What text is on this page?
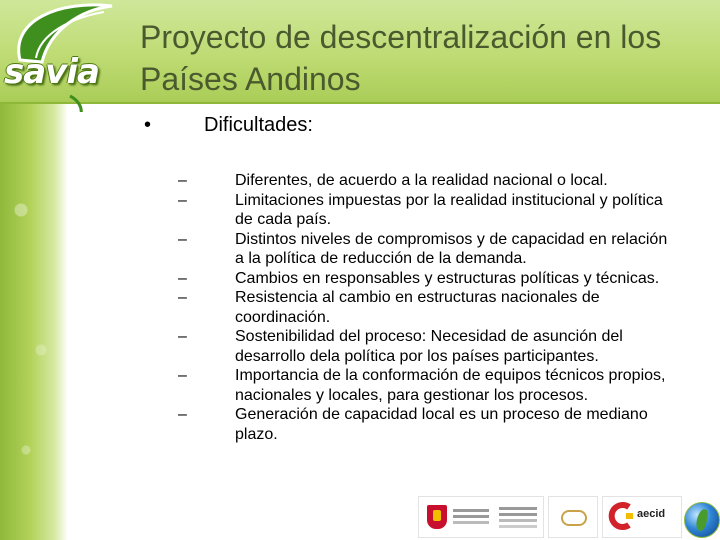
savia
Proyecto de descentralización en los Países Andinos
•	Dificultades:
–	Diferentes, de acuerdo a la realidad nacional o local.
–	Limitaciones impuestas por la realidad institucional y política de cada país.
–	Distintos niveles de compromisos y de capacidad en relación a la política de reducción de la demanda.
–	Cambios en responsables y estructuras políticas y técnicas.
–	Resistencia al cambio en estructuras nacionales de coordinación.
–	Sostenibilidad del proceso: Necesidad de asunción del desarrollo dela política por los países participantes.
–	Importancia de la conformación de equipos técnicos propios, nacionales y locales, para gestionar los procesos.
–	Generación de capacidad local es un proceso de mediano plazo.
aecid
